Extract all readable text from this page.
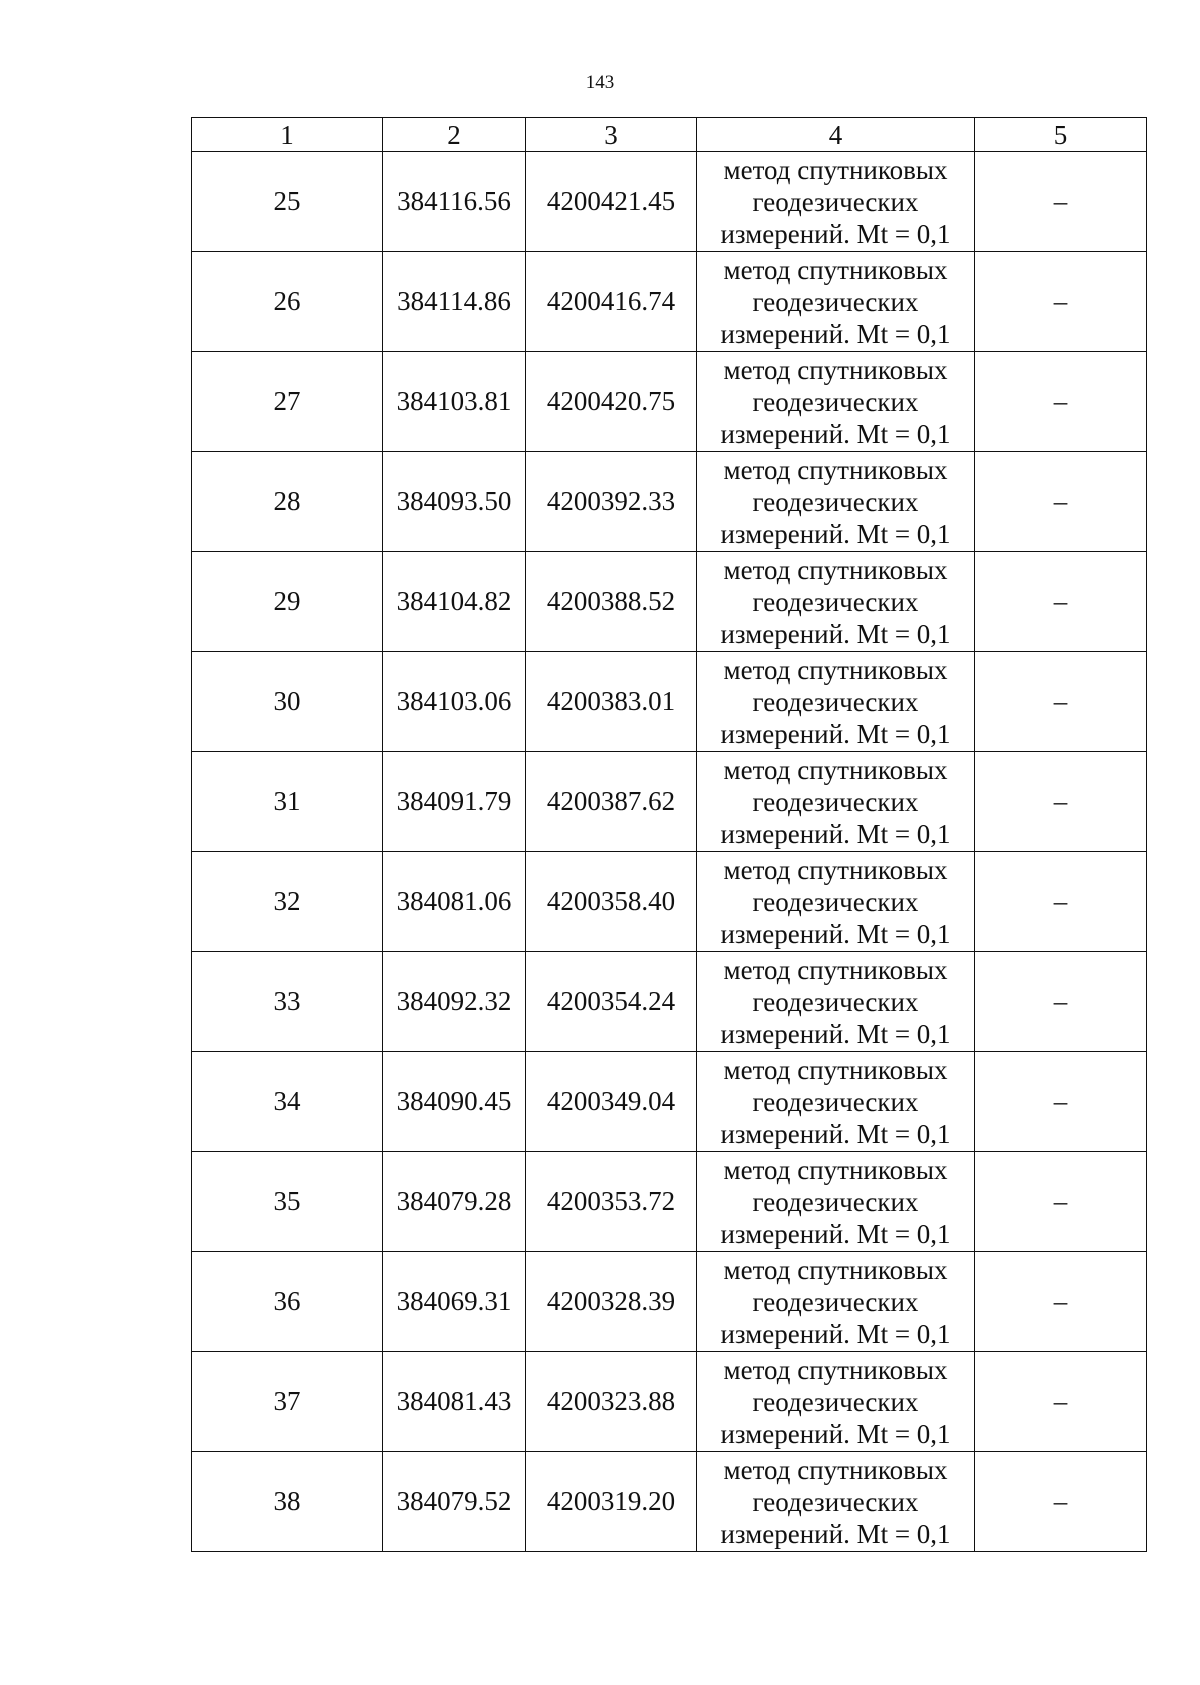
143
1	2	3	4	5
25	384116.56	4200421.45	метод спутниковых геодезических измерений. Mt = 0,1	–
26	384114.86	4200416.74	метод спутниковых геодезических измерений. Mt = 0,1	–
27	384103.81	4200420.75	метод спутниковых геодезических измерений. Mt = 0,1	–
28	384093.50	4200392.33	метод спутниковых геодезических измерений. Mt = 0,1	–
29	384104.82	4200388.52	метод спутниковых геодезических измерений. Mt = 0,1	–
30	384103.06	4200383.01	метод спутниковых геодезических измерений. Mt = 0,1	–
31	384091.79	4200387.62	метод спутниковых геодезических измерений. Mt = 0,1	–
32	384081.06	4200358.40	метод спутниковых геодезических измерений. Mt = 0,1	–
33	384092.32	4200354.24	метод спутниковых геодезических измерений. Mt = 0,1	–
34	384090.45	4200349.04	метод спутниковых геодезических измерений. Mt = 0,1	–
35	384079.28	4200353.72	метод спутниковых геодезических измерений. Mt = 0,1	–
36	384069.31	4200328.39	метод спутниковых геодезических измерений. Mt = 0,1	–
37	384081.43	4200323.88	метод спутниковых геодезических измерений. Mt = 0,1	–
38	384079.52	4200319.20	метод спутниковых геодезических измерений. Mt = 0,1	–
